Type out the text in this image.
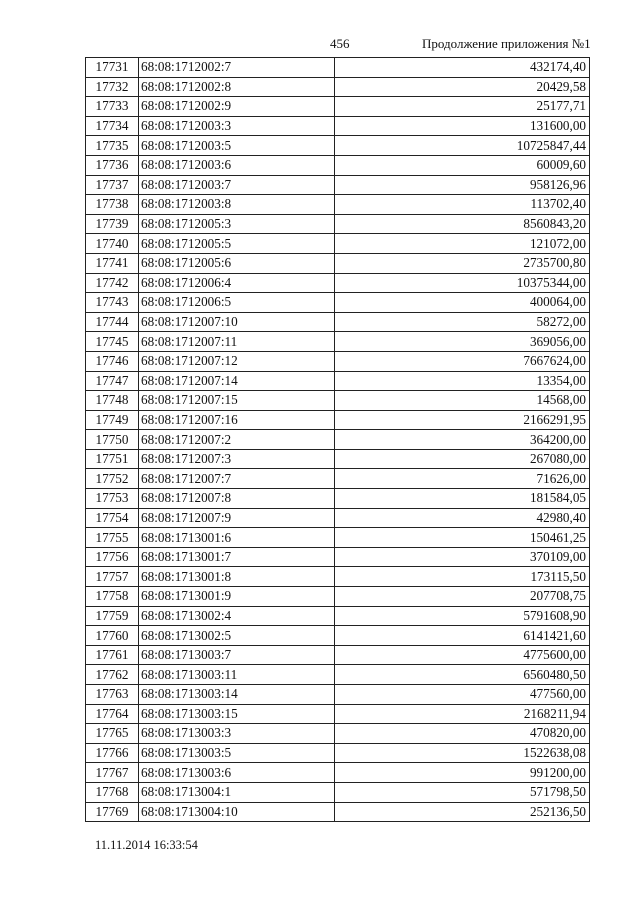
456	Продолжение приложения №1
17731	68:08:1712002:7	432174,40
17732	68:08:1712002:8	20429,58
17733	68:08:1712002:9	25177,71
17734	68:08:1712003:3	131600,00
17735	68:08:1712003:5	10725847,44
17736	68:08:1712003:6	60009,60
17737	68:08:1712003:7	958126,96
17738	68:08:1712003:8	113702,40
17739	68:08:1712005:3	8560843,20
17740	68:08:1712005:5	121072,00
17741	68:08:1712005:6	2735700,80
17742	68:08:1712006:4	10375344,00
17743	68:08:1712006:5	400064,00
17744	68:08:1712007:10	58272,00
17745	68:08:1712007:11	369056,00
17746	68:08:1712007:12	7667624,00
17747	68:08:1712007:14	13354,00
17748	68:08:1712007:15	14568,00
17749	68:08:1712007:16	2166291,95
17750	68:08:1712007:2	364200,00
17751	68:08:1712007:3	267080,00
17752	68:08:1712007:7	71626,00
17753	68:08:1712007:8	181584,05
17754	68:08:1712007:9	42980,40
17755	68:08:1713001:6	150461,25
17756	68:08:1713001:7	370109,00
17757	68:08:1713001:8	173115,50
17758	68:08:1713001:9	207708,75
17759	68:08:1713002:4	5791608,90
17760	68:08:1713002:5	6141421,60
17761	68:08:1713003:7	4775600,00
17762	68:08:1713003:11	6560480,50
17763	68:08:1713003:14	477560,00
17764	68:08:1713003:15	2168211,94
17765	68:08:1713003:3	470820,00
17766	68:08:1713003:5	1522638,08
17767	68:08:1713003:6	991200,00
17768	68:08:1713004:1	571798,50
17769	68:08:1713004:10	252136,50
11.11.2014 16:33:54
